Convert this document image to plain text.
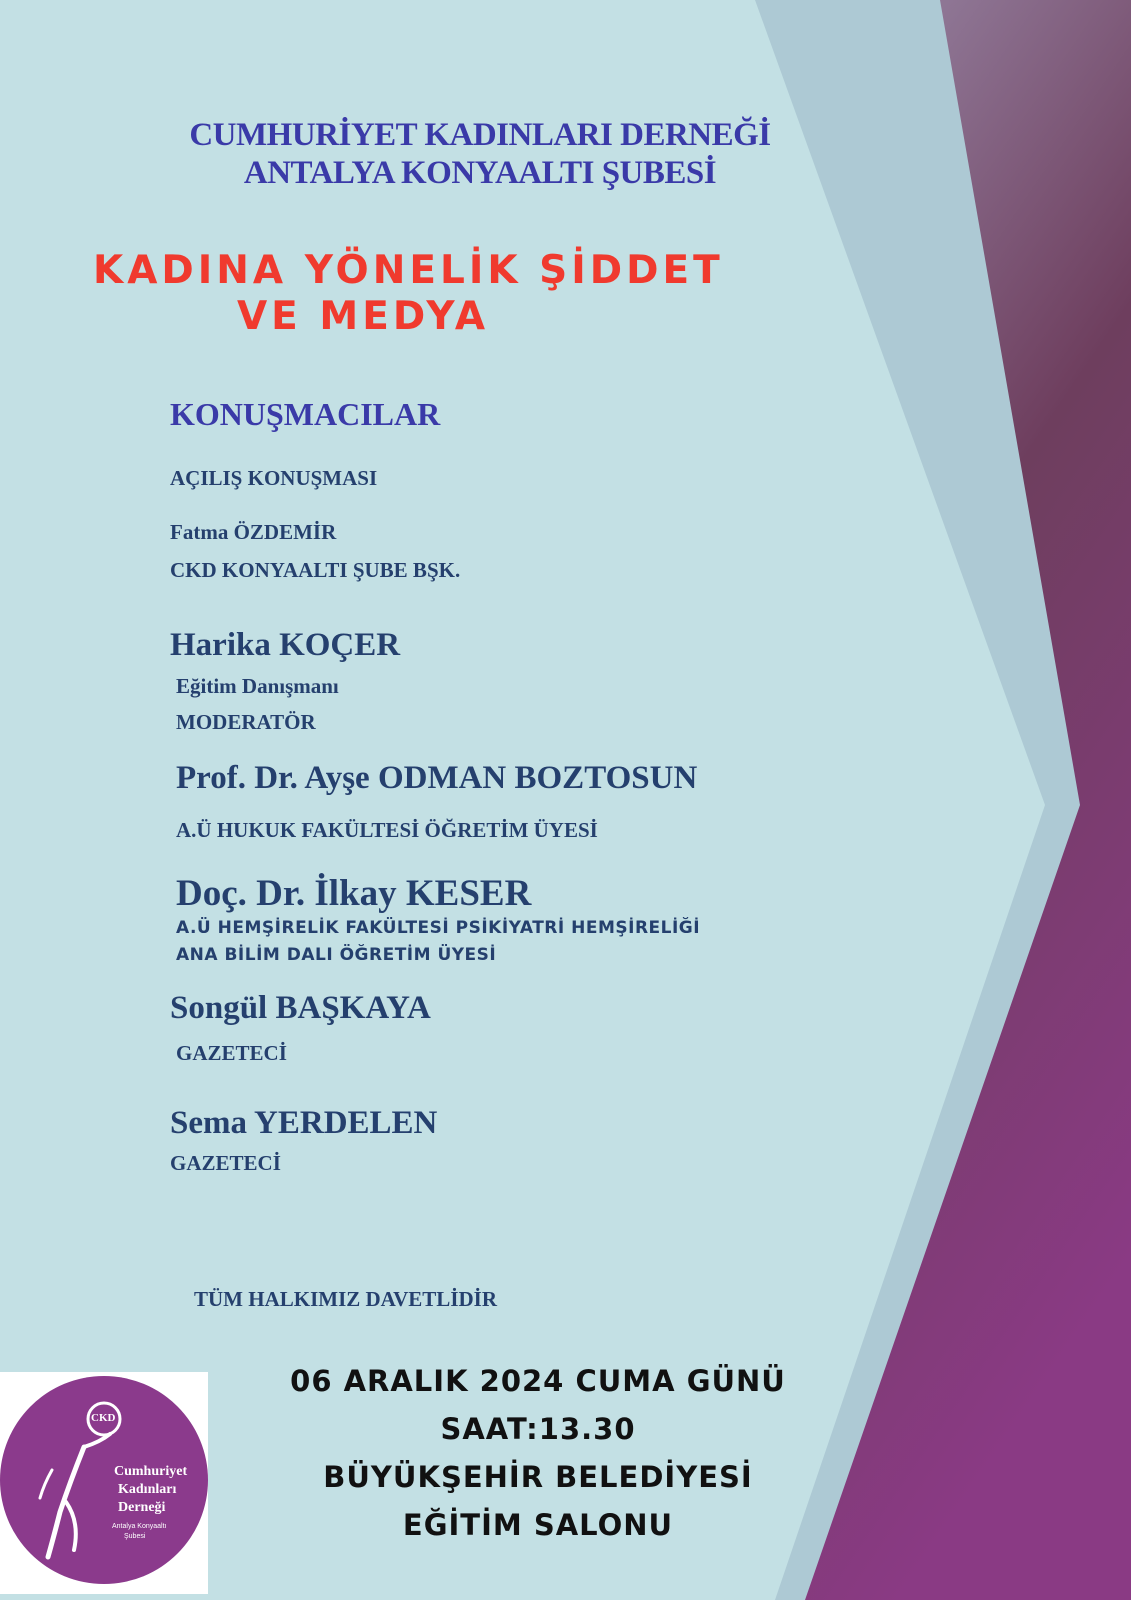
CUMHURİYET KADINLARI DERNEĞİ
ANTALYA KONYAALTI ŞUBESİ
KADINA YÖNELİK ŞİDDET
VE MEDYA
KONUŞMACILAR
AÇILIŞ KONUŞMASI
Fatma ÖZDEMİR
CKD KONYAALTI ŞUBE BŞK.
Harika KOÇER
Eğitim Danışmanı
MODERATÖR
Prof. Dr. Ayşe ODMAN BOZTOSUN
A.Ü HUKUK FAKÜLTESİ ÖĞRETİM ÜYESİ
Doç. Dr. İlkay KESER
A.Ü HEMŞİRELİK FAKÜLTESİ PSİKİYATRİ HEMŞİRELİĞİ
ANA BİLİM DALI ÖĞRETİM ÜYESİ
Songül BAŞKAYA
GAZETECİ
Sema YERDELEN
GAZETECİ
TÜM HALKIMIZ DAVETLİDİR
06 ARALIK 2024 CUMA GÜNÜ
SAAT:13.30
BÜYÜKŞEHİR BELEDİYESİ
EĞİTİM SALONU
CKD
Cumhuriyet
Kadınları
Derneği
Antalya Konyaaltı
Şubesi
